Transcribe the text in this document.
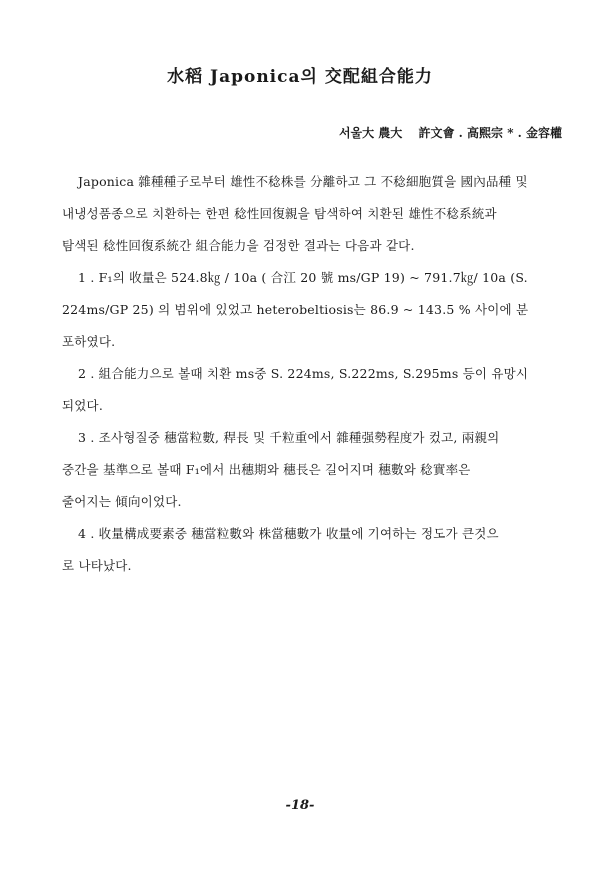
水稻 Japonica의 交配組合能力
서울大 農大　 許文會 . 高熙宗 * . 金容權
Japonica 雜種種子로부터 雄性不稔株를 分離하고 그 不稔細胞質을 國內品種 및
내냉성품종으로 치환하는 한편 稔性回復親을 탐색하여 치환된 雄性不稔系統과
탐색된 稔性回復系統간 組合能力을 검정한 결과는 다음과 같다.
1 . F₁의 收量은 524.8㎏ / 10a ( 合江 20 號 ms/GP 19) ~ 791.7㎏/ 10a (S.
224ms/GP 25) 의 범위에 있었고 heterobeltiosis는 86.9 ~ 143.5 % 사이에 분
포하였다.
2 . 組合能力으로 볼때 치환 ms중 S. 224ms, S.222ms, S.295ms 등이 유망시
되었다.
3 . 조사형질중 穗當粒數, 稈長 및 千粒重에서 雜種强勢程度가 컸고, 兩親의
중간을 基準으로 볼때 F₁에서 出穗期와 穗長은 길어지며 穗數와 稔實率은
줄어지는 傾向이었다.
4 . 收量構成要素중 穗當粒數와 株當穗數가 收量에 기여하는 정도가 큰것으
로 나타났다.
-18-
